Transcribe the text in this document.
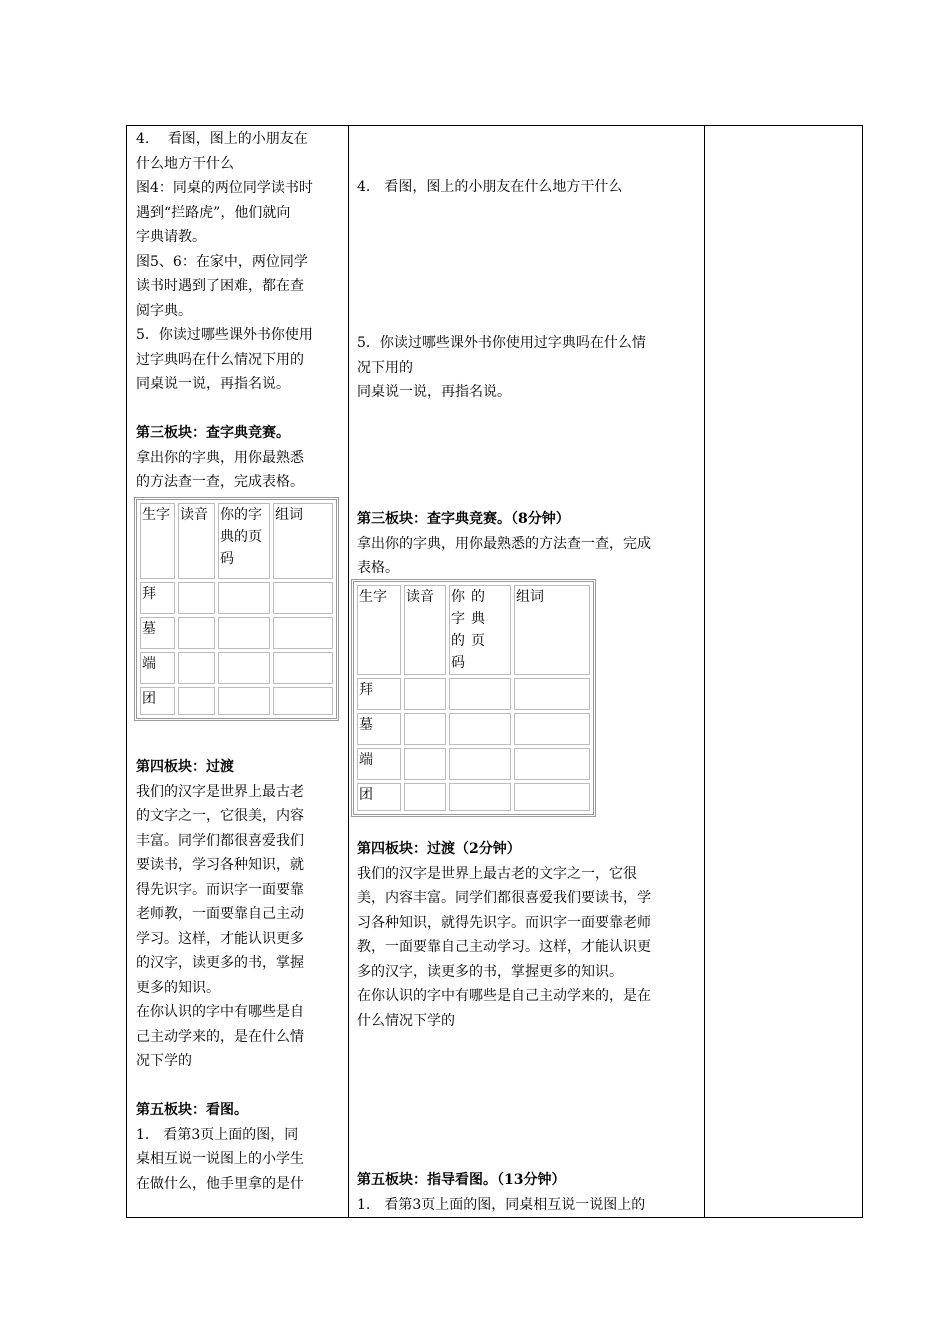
4.　 看图，图上的小朋友在

什么地方干什么

图4：同桌的两位同学读书时

遇到“拦路虎”，他们就向

字典请教。

图5、6：在家中，两位同学

读书时遇到了困难，都在查

阅字典。

5．你读过哪些课外书你使用

过字典吗在什么情况下用的

同桌说一说，再指名说。

第三板块：查字典竞赛。

拿出你的字典，用你最熟悉

的方法查一查，完成表格。

生字	读音	你的字典的页码	组词
拜			
墓			
端			
团			

第四板块：过渡

我们的汉字是世界上最古老

的文字之一，它很美，内容

丰富。同学们都很喜爱我们

要读书，学习各种知识，就

得先识字。而识字一面要靠

老师教，一面要靠自己主动

学习。这样，才能认识更多

的汉字，读更多的书，掌握

更多的知识。

在你认识的字中有哪些是自

己主动学来的，是在什么情

况下学的

第五板块：看图。

1． 看第3页上面的图，同

桌相互说一说图上的小学生

在做什么，他手里拿的是什

4.　看图，图上的小朋友在什么地方干什么

5．你读过哪些课外书你使用过字典吗在什么情

况下用的

同桌说一说，再指名说。

第三板块：查字典竞赛。（8分钟）

拿出你的字典，用你最熟悉的方法查一查，完成

表格。

生字	读音	你的字典的页码	组词
拜			
墓			
端			
团			

第四板块：过渡（2分钟）

我们的汉字是世界上最古老的文字之一，它很

美，内容丰富。同学们都很喜爱我们要读书，学

习各种知识，就得先识字。而识字一面要靠老师

教，一面要靠自己主动学习。这样，才能认识更

多的汉字，读更多的书，掌握更多的知识。

在你认识的字中有哪些是自己主动学来的，是在

什么情况下学的

第五板块：指导看图。（13分钟）

1.　看第3页上面的图，同桌相互说一说图上的
